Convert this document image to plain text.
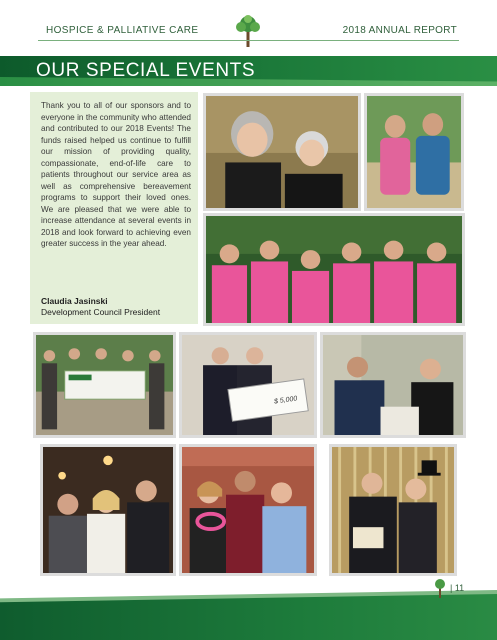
HOSPICE & PALLIATIVE CARE	2018 ANNUAL REPORT
OUR SPECIAL EVENTS

Thank you to all of our sponsors and to everyone in the community who attended and contributed to our 2018 Events! The funds raised helped us continue to fulfill our mission of providing quality, compassionate, end-of-life care to patients throughout our service area as well as comprehensive bereavement programs to support their loved ones. We are pleased that we were able to increase attendance at several events in 2018 and look forward to achieving even greater success in the year ahead.

Claudia Jasinski
Development Council President
$ 5,000
| 11
